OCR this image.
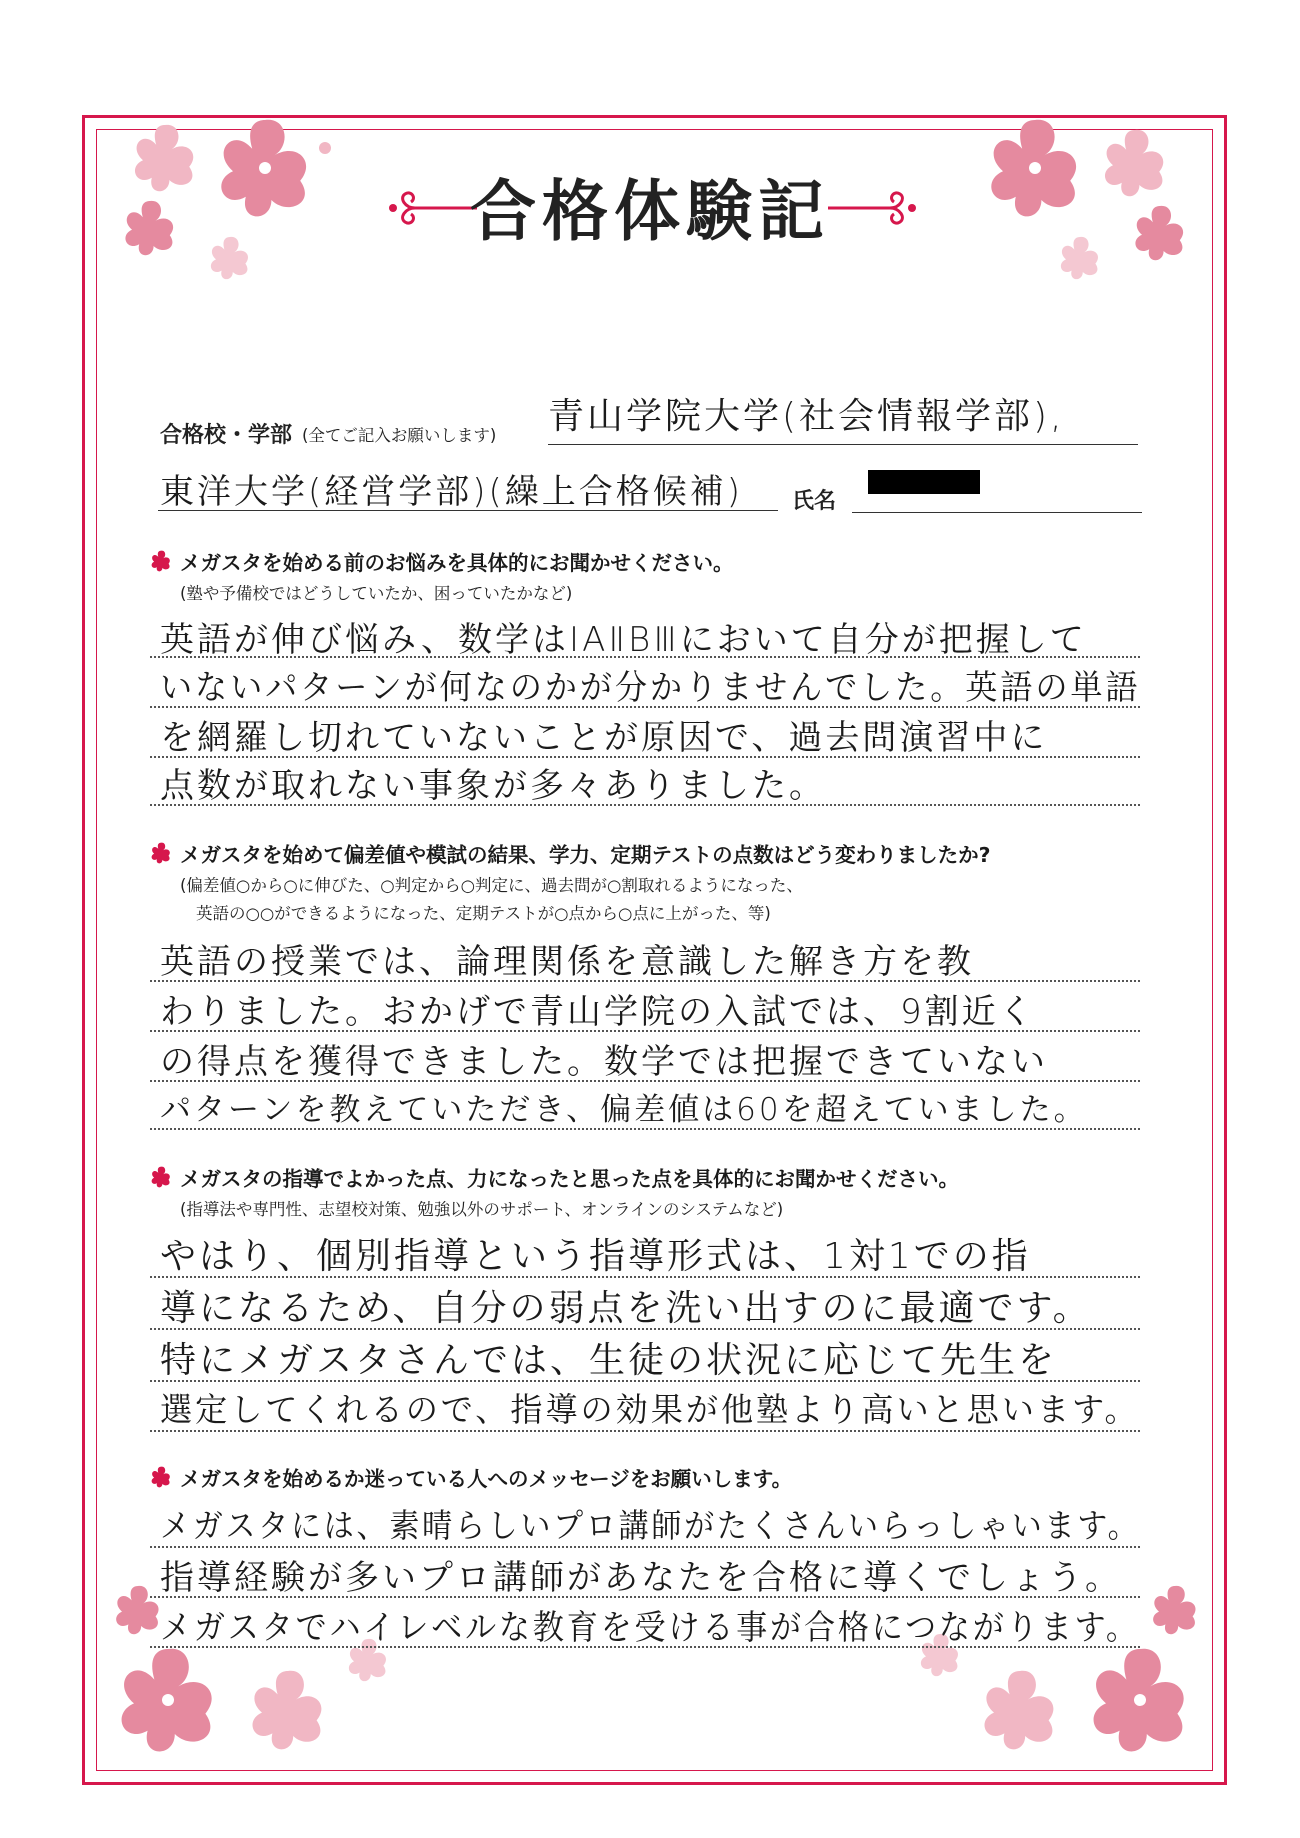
合格体験記
合格校・学部 (全てご記入お願いします) 青山学院大学(社会情報学部),
東洋大学(経営学部)(繰上合格候補) 氏名
メガスタを始める前のお悩みを具体的にお聞かせください。
(塾や予備校ではどうしていたか、困っていたかなど)
英語が伸び悩み、数学はⅠAⅡBⅢにおいて自分が把握して
いないパターンが何なのかが分かりませんでした。英語の単語
を網羅し切れていないことが原因で、過去問演習中に
点数が取れない事象が多々ありました。
メガスタを始めて偏差値や模試の結果、学力、定期テストの点数はどう変わりましたか?
(偏差値○から○に伸びた、○判定から○判定に、過去問が○割取れるようになった、
英語の○○ができるようになった、定期テストが○点から○点に上がった、等)
英語の授業では、論理関係を意識した解き方を教
わりました。おかげで青山学院の入試では、9割近く
の得点を獲得できました。数学では把握できていない
パターンを教えていただき、偏差値は60を超えていました。
メガスタの指導でよかった点、力になったと思った点を具体的にお聞かせください。
(指導法や専門性、志望校対策、勉強以外のサポート、オンラインのシステムなど)
やはり、個別指導という指導形式は、1対1での指
導になるため、自分の弱点を洗い出すのに最適です。
特にメガスタさんでは、生徒の状況に応じて先生を
選定してくれるので、指導の効果が他塾より高いと思います。
メガスタを始めるか迷っている人へのメッセージをお願いします。
メガスタには、素晴らしいプロ講師がたくさんいらっしゃいます。
指導経験が多いプロ講師があなたを合格に導くでしょう。
メガスタでハイレベルな教育を受ける事が合格につながります。
